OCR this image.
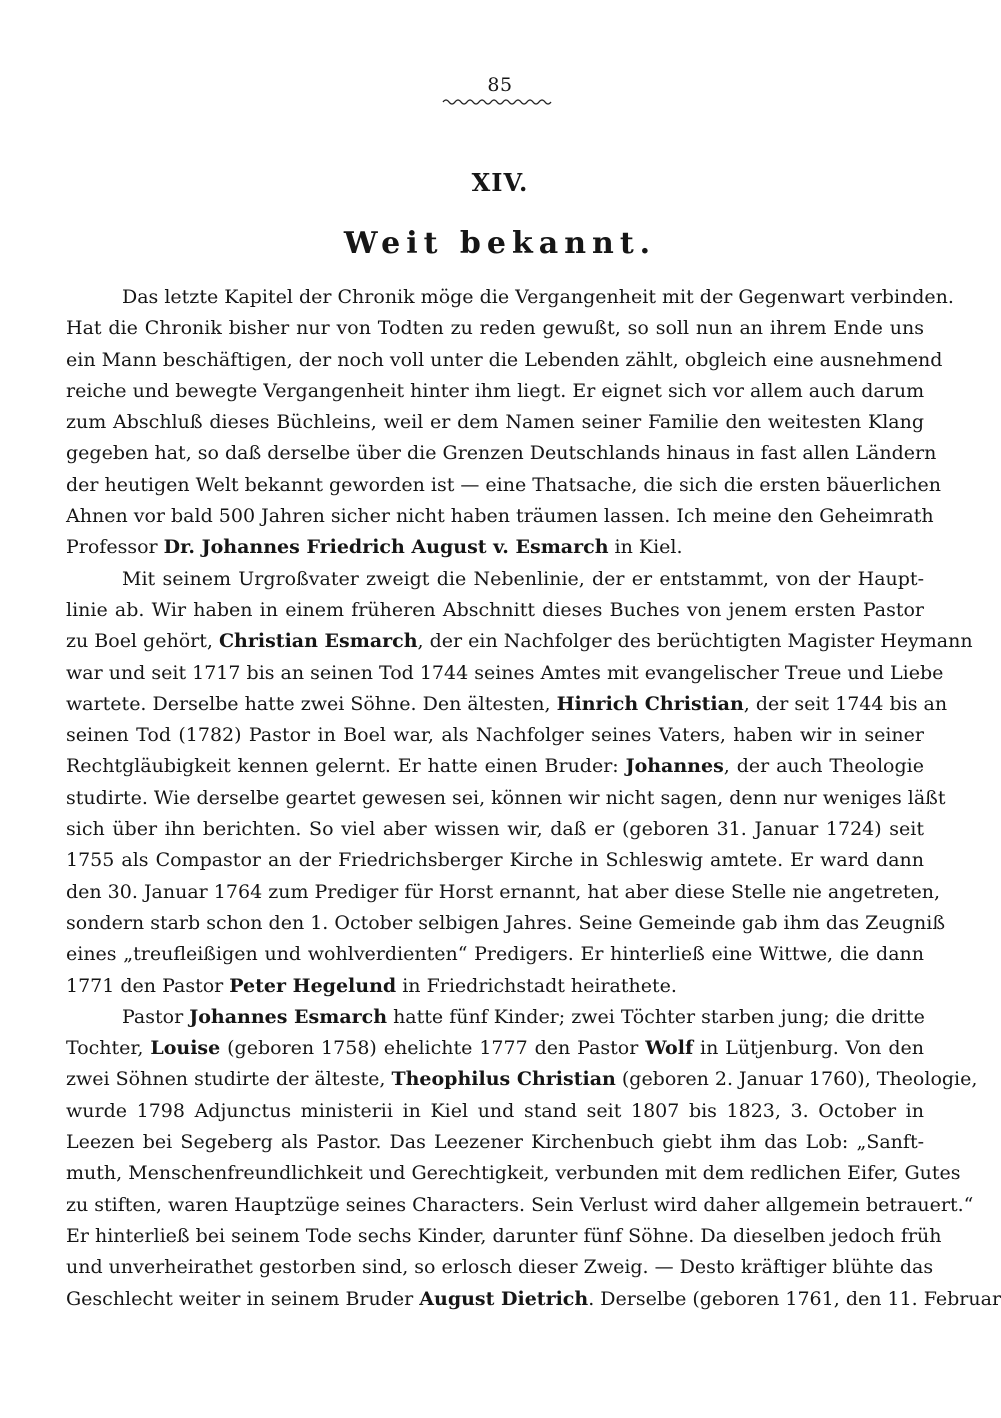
85
XIV.
Weit bekannt.
Das letzte Kapitel der Chronik möge die Vergangenheit mit der Gegenwart verbinden.
Hat die Chronik bisher nur von Todten zu reden gewußt, so soll nun an ihrem Ende uns
ein Mann beschäftigen, der noch voll unter die Lebenden zählt, obgleich eine ausnehmend
reiche und bewegte Vergangenheit hinter ihm liegt. Er eignet sich vor allem auch darum
zum Abschluß dieses Büchleins, weil er dem Namen seiner Familie den weitesten Klang
gegeben hat, so daß derselbe über die Grenzen Deutschlands hinaus in fast allen Ländern
der heutigen Welt bekannt geworden ist — eine Thatsache, die sich die ersten bäuerlichen
Ahnen vor bald 500 Jahren sicher nicht haben träumen lassen. Ich meine den Geheimrath
Professor Dr. Johannes Friedrich August v. Esmarch in Kiel.
Mit seinem Urgroßvater zweigt die Nebenlinie, der er entstammt, von der Haupt-
linie ab. Wir haben in einem früheren Abschnitt dieses Buches von jenem ersten Pastor
zu Boel gehört, Christian Esmarch, der ein Nachfolger des berüchtigten Magister Heymann
war und seit 1717 bis an seinen Tod 1744 seines Amtes mit evangelischer Treue und Liebe
wartete. Derselbe hatte zwei Söhne. Den ältesten, Hinrich Christian, der seit 1744 bis an
seinen Tod (1782) Pastor in Boel war, als Nachfolger seines Vaters, haben wir in seiner
Rechtgläubigkeit kennen gelernt. Er hatte einen Bruder: Johannes, der auch Theologie
studirte. Wie derselbe geartet gewesen sei, können wir nicht sagen, denn nur weniges läßt
sich über ihn berichten. So viel aber wissen wir, daß er (geboren 31. Januar 1724) seit
1755 als Compastor an der Friedrichsberger Kirche in Schleswig amtete. Er ward dann
den 30. Januar 1764 zum Prediger für Horst ernannt, hat aber diese Stelle nie angetreten,
sondern starb schon den 1. October selbigen Jahres. Seine Gemeinde gab ihm das Zeugniß
eines „treufleißigen und wohlverdienten“ Predigers. Er hinterließ eine Wittwe, die dann
1771 den Pastor Peter Hegelund in Friedrichstadt heirathete.
Pastor Johannes Esmarch hatte fünf Kinder; zwei Töchter starben jung; die dritte
Tochter, Louise (geboren 1758) ehelichte 1777 den Pastor Wolf in Lütjenburg. Von den
zwei Söhnen studirte der älteste, Theophilus Christian (geboren 2. Januar 1760), Theologie,
wurde 1798 Adjunctus ministerii in Kiel und stand seit 1807 bis 1823, 3. October in
Leezen bei Segeberg als Pastor. Das Leezener Kirchenbuch giebt ihm das Lob: „Sanft-
muth, Menschenfreundlichkeit und Gerechtigkeit, verbunden mit dem redlichen Eifer, Gutes
zu stiften, waren Hauptzüge seines Characters. Sein Verlust wird daher allgemein betrauert.“
Er hinterließ bei seinem Tode sechs Kinder, darunter fünf Söhne. Da dieselben jedoch früh
und unverheirathet gestorben sind, so erlosch dieser Zweig. — Desto kräftiger blühte das
Geschlecht weiter in seinem Bruder August Dietrich. Derselbe (geboren 1761, den 11. Februar
